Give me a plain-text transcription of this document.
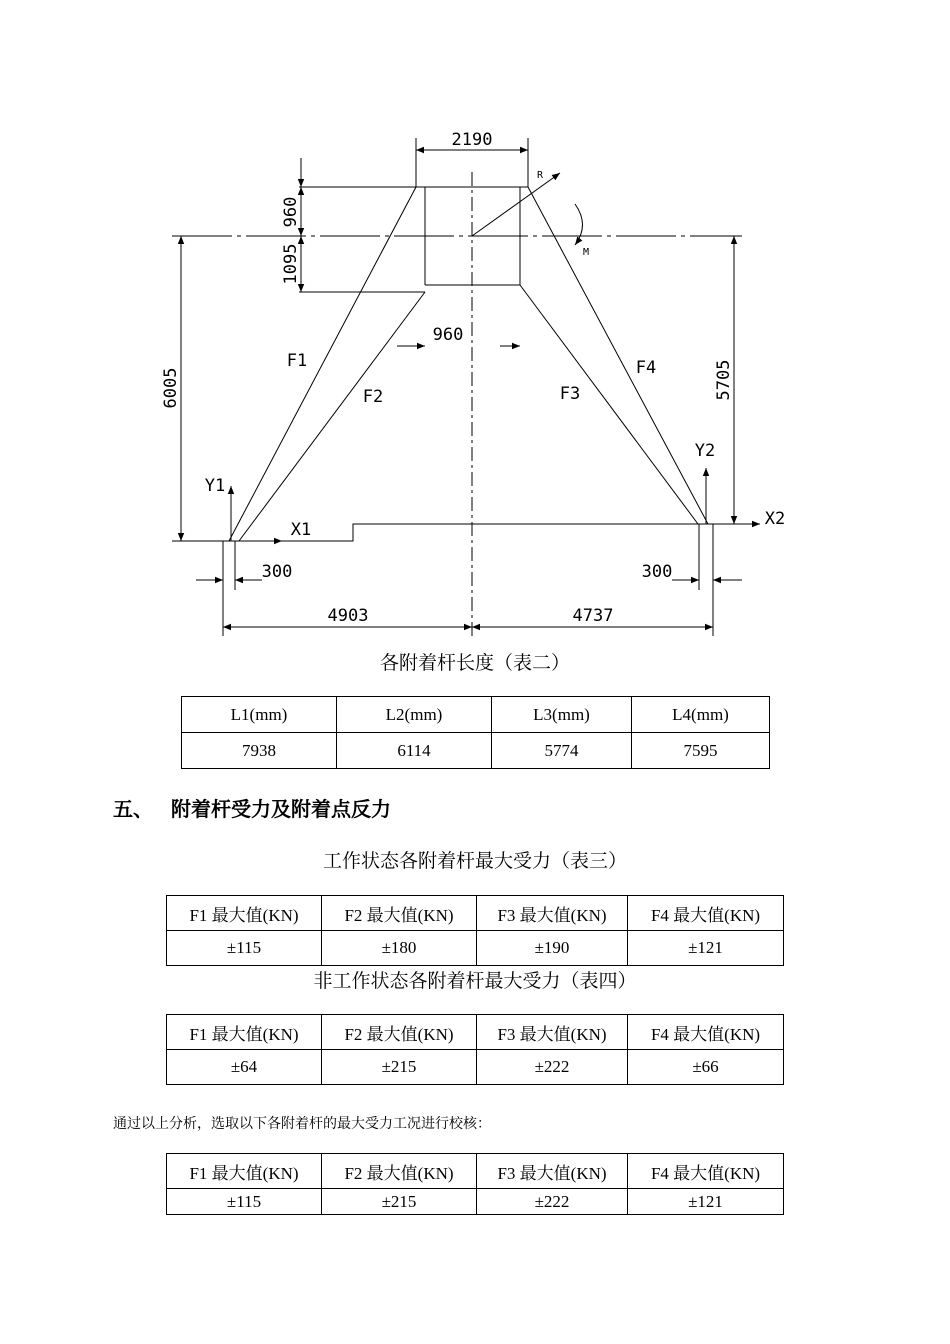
2190
960
1095
960
6005	5705
4903	4737
300	300
F1
F2	F3
F4
X1
X2
Y1
Y2
R
M
各附着杆长度（表二）
L1(mm)	L2(mm)	L3(mm)	L4(mm)
7938	6114	5774	7595
五、 附着杆受力及附着点反力
工作状态各附着杆最大受力（表三）
F1 最大值(KN)	F2 最大值(KN)	F3 最大值(KN)	F4 最大值(KN)
±115	±180	±190	±121
非工作状态各附着杆最大受力（表四）
F1 最大值(KN)	F2 最大值(KN)	F3 最大值(KN)	F4 最大值(KN)
±64	±215	±222	±66
通过以上分析，选取以下各附着杆的最大受力工况进行校核：
F1 最大值(KN)	F2 最大值(KN)	F3 最大值(KN)	F4 最大值(KN)
±115	±215	±222	±121
